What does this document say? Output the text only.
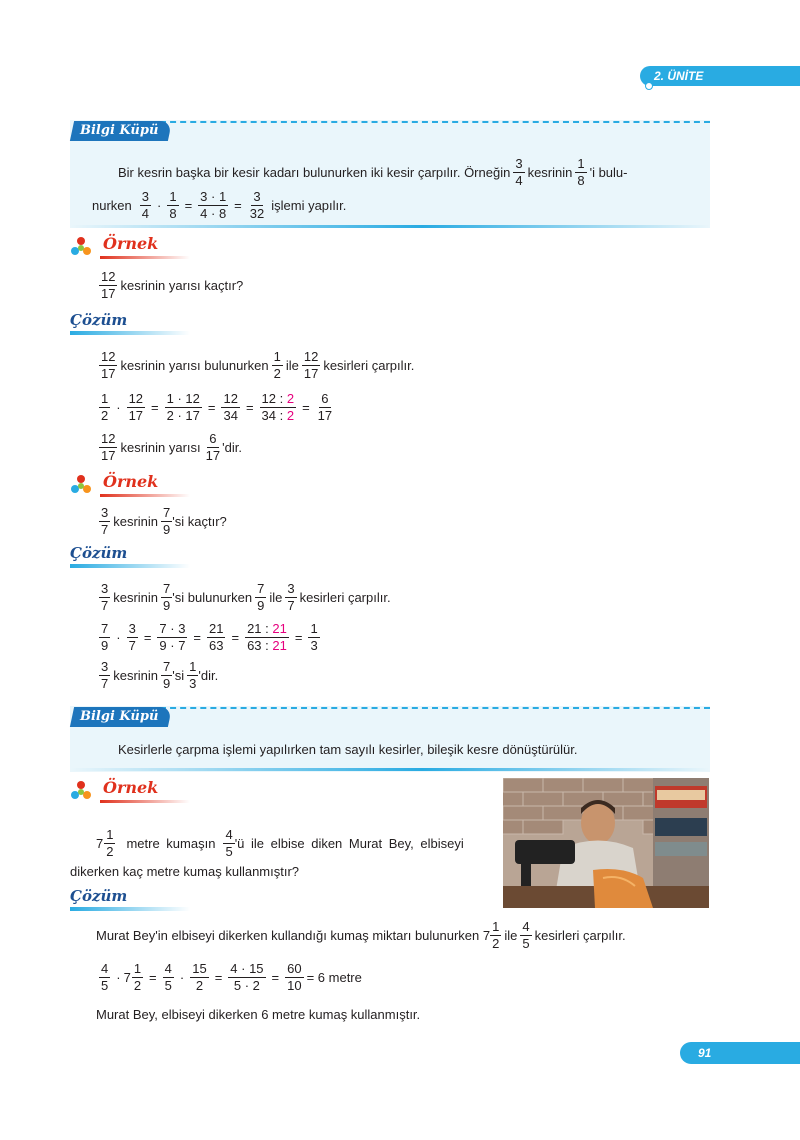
2. ÜNİTE
Bilgi Küpü
Bir kesrin başka bir kesir kadarı bulunurken iki kesir çarpılır. Örneğin
3
4
kesrinin
1
8
'i bulu-
nurken
3
4
· $\frac{1}{8} = \frac{3 \cdot 1}{4 \cdot 8} = \frac{3}{32}$ işlemi yapılır.
Örnek
12
17
kesrinin yarısı kaçtır?
Çözüm
12
17
kesrinin yarısı bulunurken
1
2
ile
12
17
kesirleri çarpılır.
1
2
· $\frac{12}{17} = \frac{1 \cdot 12}{2 \cdot 17} = \frac{12}{34} = \frac{12 : 2}{34 : 2} = \frac{6}{17}$
12
17
kesrinin yarısı
6
17
'dir.
Örnek
3
7
kesrinin
7
9
'si kaçtır?
Çözüm
3
7
kesrinin
7
9
'si bulunurken
7
9
ile
3
7
kesirleri çarpılır.
7
9
· $\frac{3}{7} = \frac{7 \cdot 3}{9 \cdot 7} = \frac{21}{63} = \frac{21 : 21}{63 : 21} = \frac{1}{3}$
3
7
kesrinin
7
9
'si
1
3
'dir.
Bilgi Küpü
Kesirlerle çarpma işlemi yapılırken tam sayılı kesirler, bileşik kesre dönüştürülür.
Örnek
7
1
2
metre kumaşın
4
5
'ü ile elbise diken Murat Bey, elbiseyi
dikerken kaç metre kumaş kullanmıştır?
Çözüm
Murat Bey'in elbiseyi dikerken kullandığı kumaş miktarı bulunurken 7
1
2
ile
4
5
kesirleri çarpılır.
4
5
· $7 \frac{1}{2} = \frac{4}{5} \cdot \frac{15}{2} = \frac{4 \cdot 15}{5 \cdot 2} = \frac{60}{10} = 6$ metre
Murat Bey, elbiseyi dikerken 6 metre kumaş kullanmıştır.
91
